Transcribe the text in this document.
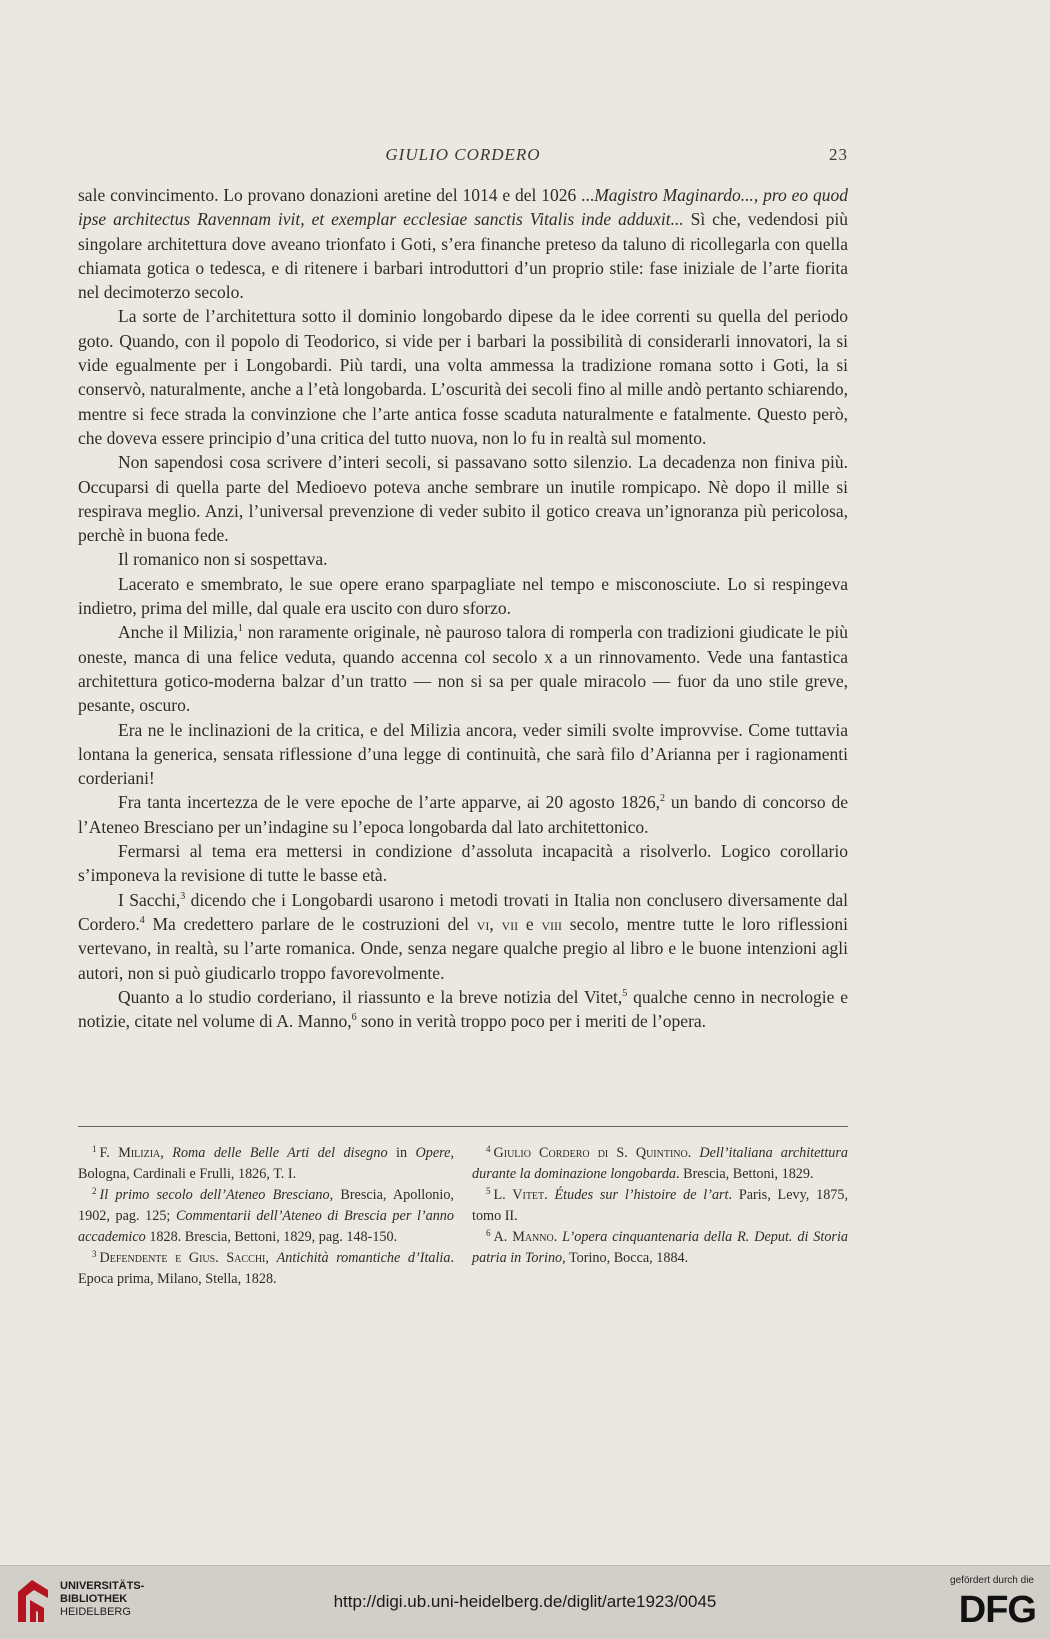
GIULIO CORDERO	23

sale convincimento. Lo provano donazioni aretine del 1014 e del 1026 ...Magistro Maginardo..., pro eo quod ipse architectus Ravennam ivit, et exemplar ecclesiae sanctis Vitalis inde adduxit... Sì che, vedendosi più singolare architettura dove aveano trionfato i Goti, s’era finanche preteso da taluno di ricollegarla con quella chiamata gotica o tedesca, e di ritenere i barbari introduttori d’un proprio stile: fase iniziale de l’arte fiorita nel decimoterzo secolo.

La sorte de l’architettura sotto il dominio longobardo dipese da le idee correnti su quella del periodo goto. Quando, con il popolo di Teodorico, si vide per i barbari la possibilità di considerarli innovatori, la si vide egualmente per i Longobardi. Più tardi, una volta ammessa la tradizione romana sotto i Goti, la si conservò, naturalmente, anche a l’età longobarda. L’oscurità dei secoli fino al mille andò pertanto schiarendo, mentre si fece strada la convinzione che l’arte antica fosse scaduta naturalmente e fatalmente. Questo però, che doveva essere principio d’una critica del tutto nuova, non lo fu in realtà sul momento.

Non sapendosi cosa scrivere d’interi secoli, si passavano sotto silenzio. La decadenza non finiva più. Occuparsi di quella parte del Medioevo poteva anche sembrare un inutile rompicapo. Nè dopo il mille si respirava meglio. Anzi, l’universal prevenzione di veder subito il gotico creava un’ignoranza più pericolosa, perchè in buona fede.

Il romanico non si sospettava.

Lacerato e smembrato, le sue opere erano sparpagliate nel tempo e misconosciute. Lo si respingeva indietro, prima del mille, dal quale era uscito con duro sforzo.

Anche il Milizia,$^1$ non raramente originale, nè pauroso talora di romperla con tradizioni giudicate le più oneste, manca di una felice veduta, quando accenna col secolo x a un rinnovamento. Vede una fantastica architettura gotico-moderna balzar d’un tratto — non si sa per quale miracolo — fuor da uno stile greve, pesante, oscuro.

Era ne le inclinazioni de la critica, e del Milizia ancora, veder simili svolte improvvise. Come tuttavia lontana la generica, sensata riflessione d’una legge di continuità, che sarà filo d’Arianna per i ragionamenti corderiani!

Fra tanta incertezza de le vere epoche de l’arte apparve, ai 20 agosto 1826,$^2$ un bando di concorso de l’Ateneo Bresciano per un’indagine su l’epoca longobarda dal lato architettonico.

Fermarsi al tema era mettersi in condizione d’assoluta incapacità a risolverlo. Logico corollario s’imponeva la revisione di tutte le basse età.

I Sacchi,$^3$ dicendo che i Longobardi usarono i metodi trovati in Italia non conclusero diversamente dal Cordero.$^4$ Ma credettero parlare de le costruzioni del vi, vii e viii secolo, mentre tutte le loro riflessioni vertevano, in realtà, su l’arte romanica. Onde, senza negare qualche pregio al libro e le buone intenzioni agli autori, non si può giudicarlo troppo favorevolmente.

Quanto a lo studio corderiano, il riassunto e la breve notizia del Vitet,$^5$ qualche cenno in necrologie e notizie, citate nel volume di A. Manno,$^6$ sono in verità troppo poco per i meriti de l’opera.

$^1$ F. Milizia, Roma delle Belle Arti del disegno in Opere, Bologna, Cardinali e Frulli, 1826, T. I.
$^2$ Il primo secolo dell’Ateneo Bresciano, Brescia, Apollonio, 1902, pag. 125; Commentarii dell’Ateneo di Brescia per l’anno accademico 1828. Brescia, Bettoni, 1829, pag. 148-150.
$^3$ Defendente e Gius. Sacchi, Antichità romantiche d’Italia. Epoca prima, Milano, Stella, 1828.
$^4$ Giulio Cordero di S. Quintino. Dell’italiana architettura durante la dominazione longobarda. Brescia, Bettoni, 1829.
$^5$ L. Vitet. Études sur l’histoire de l’art. Paris, Levy, 1875, tomo II.
$^6$ A. Manno. L’opera cinquantenaria della R. Deput. di Storia patria in Torino, Torino, Bocca, 1884.
UNIVERSITÄTS-
BIBLIOTHEK
HEIDELBERG
http://digi.ub.uni-heidelberg.de/diglit/arte1923/0045
gefördert durch die
DFG
